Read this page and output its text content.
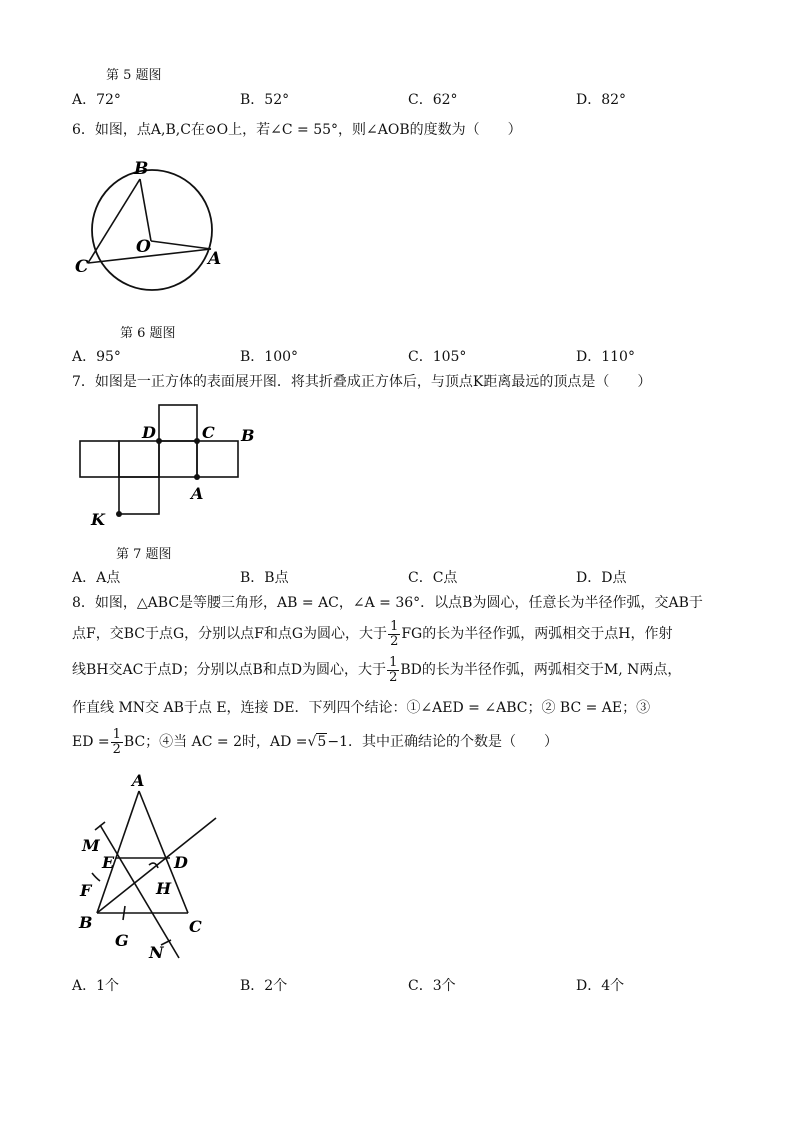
第 5 题图
A．72°	B．52°	C．62°	D．82°
6．如图，点A,B,C在⊙O上，若∠C = 55°，则∠AOB的度数为（　　）
B
O
C	A
第 6 题图
A．95°	B．100°	C．105°	D．110°
7．如图是一正方体的表面展开图．将其折叠成正方体后，与顶点K距离最远的顶点是（　　）
D	C B
A
K
第 7 题图
A．A点	B．B点	C．C点	D．D点
8．如图，△ABC是等腰三角形，AB = AC，∠A = 36°．以点B为圆心，任意长为半径作弧，交AB于
点F，交BC于点G，分别以点F和点G为圆心，大于 $\frac{1}{2}$ FG的长为半径作弧，两弧相交于点H，作射
线BH交AC于点D；分别以点B和点D为圆心，大于 $\frac{1}{2}$ BD的长为半径作弧，两弧相交于M, N两点，
作直线 MN交 AB于点 E，连接 DE．下列四个结论：①∠AED = ∠ABC；② BC = AE；③
ED = $\frac{1}{2}$ BC；④当 AC = 2时，AD = √5 −1．其中正确结论的个数是（　　）
A
M
E	D
F	H
B	C
G
N
A．1个	B．2个	C．3个	D．4个
